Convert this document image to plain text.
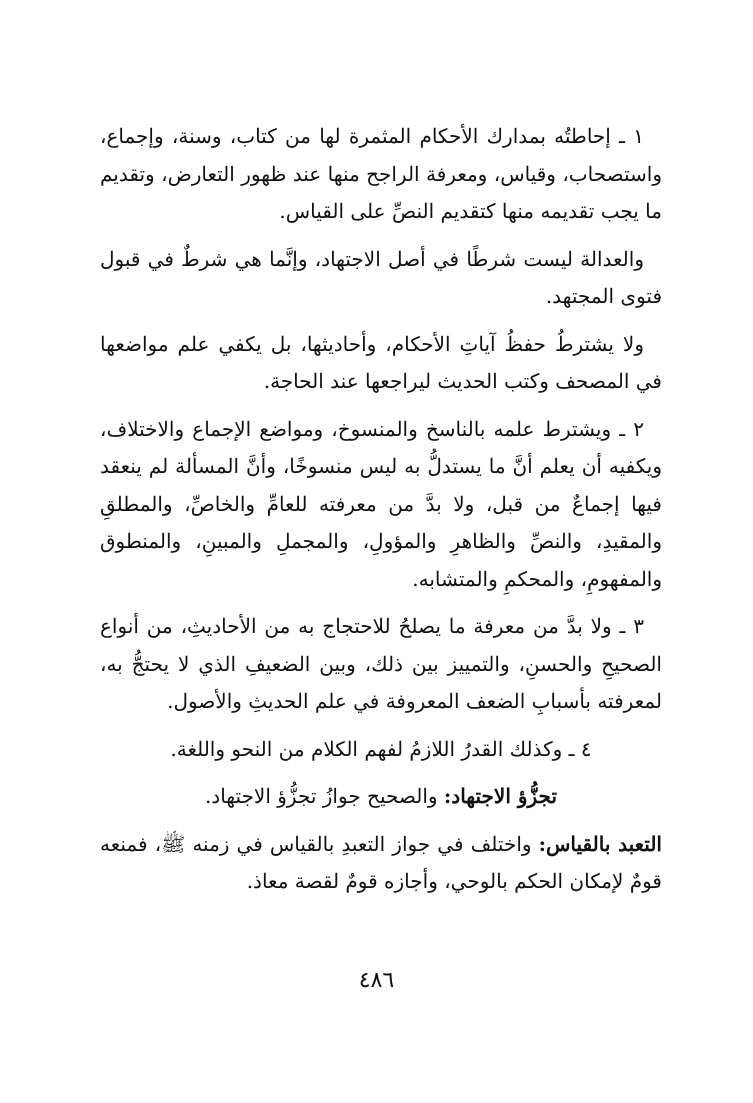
١ ـ إحاطتُه بمدارك الأحكام المثمرة لها من كتاب، وسنة، وإجماع، واستصحاب، وقياس، ومعرفة الراجح منها عند ظهور التعارض، وتقديم ما يجب تقديمه منها كتقديم النصِّ على القياس.

والعدالة ليست شرطًا في أصل الاجتهاد، وإنَّما هي شرطٌ في قبول فتوى المجتهد.

ولا يشترطُ حفظُ آياتِ الأحكام، وأحاديثها، بل يكفي علم مواضعها في المصحف وكتب الحديث ليراجعها عند الحاجة.

٢ ـ ويشترط علمه بالناسخ والمنسوخ، ومواضع الإجماع والاختلاف، ويكفيه أن يعلم أنَّ ما يستدلُّ به ليس منسوخًا، وأنَّ المسألة لم ينعقد فيها إجماعٌ من قبل، ولا بدَّ من معرفته للعامِّ والخاصِّ، والمطلقِ والمقيدِ، والنصِّ والظاهرِ والمؤولِ، والمجملِ والمبينِ، والمنطوق والمفهومِ، والمحكمِ والمتشابه.

٣ ـ ولا بدَّ من معرفة ما يصلحُ للاحتجاج به من الأحاديثِ، من أنواع الصحيحِ والحسنِ، والتمييز بين ذلك، وبين الضعيفِ الذي لا يحتجُّ به، لمعرفته بأسبابِ الضعف المعروفة في علم الحديثِ والأصول.

٤ ـ وكذلك القدرُ اللازمُ لفهم الكلام من النحو واللغة.

تجزُّؤ الاجتهاد: والصحيح جوازُ تجزُّؤ الاجتهاد.

التعبد بالقياس: واختلف في جواز التعبدِ بالقياس في زمنه ﷺ، فمنعه قومٌ لإمكان الحكم بالوحي، وأجازه قومٌ لقصة معاذ.

٤٨٦
